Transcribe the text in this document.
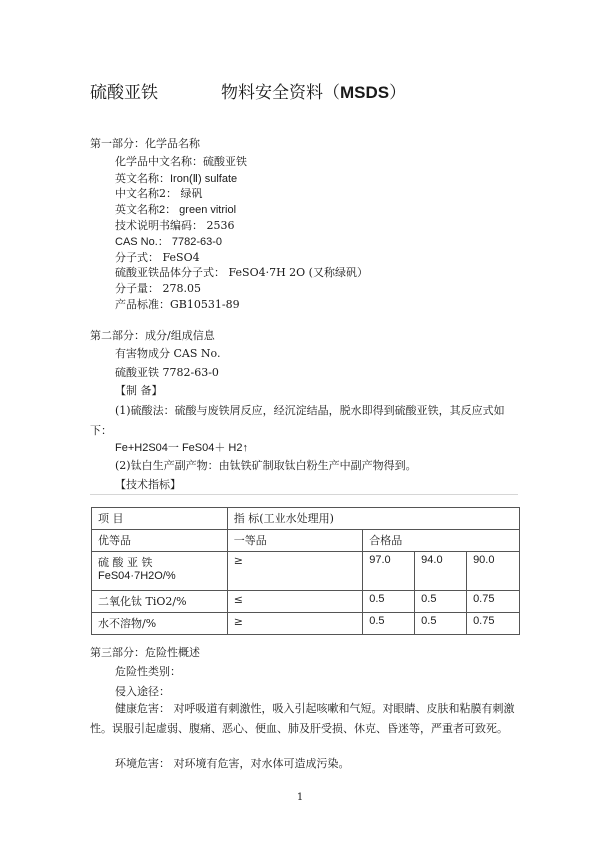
硫酸亚铁	物料安全资料（MSDS）
第一部分：化学品名称
化学品中文名称：硫酸亚铁
英文名称：Iron(Ⅱ) sulfate
中文名称2： 绿矾
英文名称2： green vitriol
技术说明书编码： 2536
CAS No.： 7782-63-0
分子式： FeSO4
硫酸亚铁品体分子式： FeSO4·7H 2O (又称绿矾）
分子量： 278.05
产品标准：GB10531-89
第二部分：成分/组成信息
有害物成分 CAS No.
硫酸亚铁 7782-63-0
【制 备】
(1)硫酸法：硫酸与废铁屑反应，经沉淀结晶，脱水即得到硫酸亚铁，其反应式如下：
Fe+H2S04一 FeS04＋ H2↑
(2)钛白生产副产物：由钛铁矿制取钛白粉生产中副产物得到。
【技术指标】
项 目	指 标(工业水处理用)			
优等品	一等品	合格品		

硫 酸 亚 铁
FeS04·7H2O/%	≥	97.0	94.0	90.0
二氧化钛 TiO2/%	≤	0.5	0.5	0.75
水不溶物/%	≥	0.5	0.5	0.75
第三部分：危险性概述
危险性类别：
侵入途径：
健康危害： 对呼吸道有刺激性，吸入引起咳嗽和气短。对眼睛、皮肤和粘膜有刺激性。误服引起虚弱、腹痛、恶心、便血、肺及肝受损、休克、昏迷等，严重者可致死。
环境危害： 对环境有危害，对水体可造成污染。
1
